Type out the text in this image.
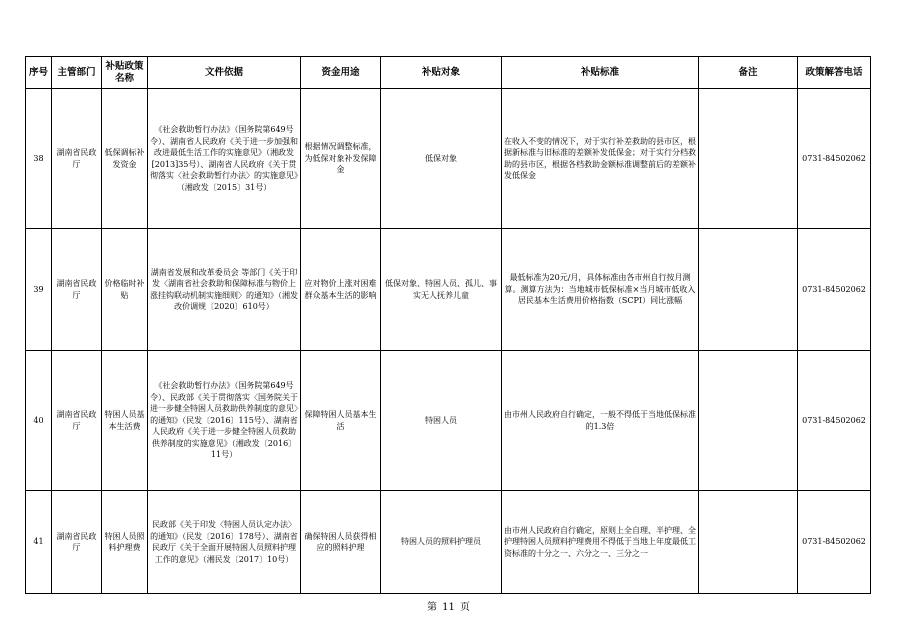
序号	主管部门	补贴政策名称	文件依据	资金用途	补贴对象	补贴标准	备注	政策解答电话
38	湖南省民政厅	低保调标补发资金	《社会救助暂行办法》（国务院第649号令）、湖南省人民政府《关于进一步加强和改进最低生活工作的实施意见》（湘政发[2013]35号）、湖南省人民政府《关于贯彻落实〈社会救助暂行办法〉的实施意见》（湘政发〔2015〕31号）	根据情况调整标准，为低保对象补发保障金	低保对象	在收入不变的情况下，对于实行补差救助的县市区，根据新标准与旧标准的差额补发低保金；对于实行分档救助的县市区，根据各档救助金额标准调整前后的差额补发低保金		0731-84502062
39	湖南省民政厅	价格临时补贴	湖南省发展和改革委员会 等部门《关于印发〈湖南省社会救助和保障标准与物价上涨挂钩联动机制实施细则〉的通知》（湘发改价调规〔2020〕610号）	应对物价上涨对困难群众基本生活的影响	低保对象、特困人员、孤儿、事实无人抚养儿童	最低标准为20元/月，具体标准由各市州自行按月测算。测算方法为：当地城市低保标准×当月城市低收入居民基本生活费用价格指数（SCPI）同比涨幅		0731-84502062
40	湖南省民政厅	特困人员基本生活费	《社会救助暂行办法》（国务院第649号令）、民政部《关于贯彻落实〈国务院关于进一步健全特困人员救助供养制度的意见〉的通知》（民发〔2016〕115号）、湖南省人民政府《关于进一步健全特困人员救助供养制度的实施意见》（湘政发〔2016〕11号）	保障特困人员基本生活	特困人员	由市州人民政府自行确定，一般不得低于当地低保标准的1.3倍		0731-84502062
41	湖南省民政厅	特困人员照料护理费	民政部《关于印发〈特困人员认定办法〉的通知》（民发〔2016〕178号）、湖南省民政厅《关于全面开展特困人员照料护理工作的意见》（湘民发〔2017〕10号）	确保特困人员获得相应的照料护理	特困人员的照料护理员	由市州人民政府自行确定，原则上全自理、半护理、全护理特困人员照料护理费用不得低于当地上年度最低工资标准的十分之一、六分之一、三分之一		0731-84502062
第 11 页
